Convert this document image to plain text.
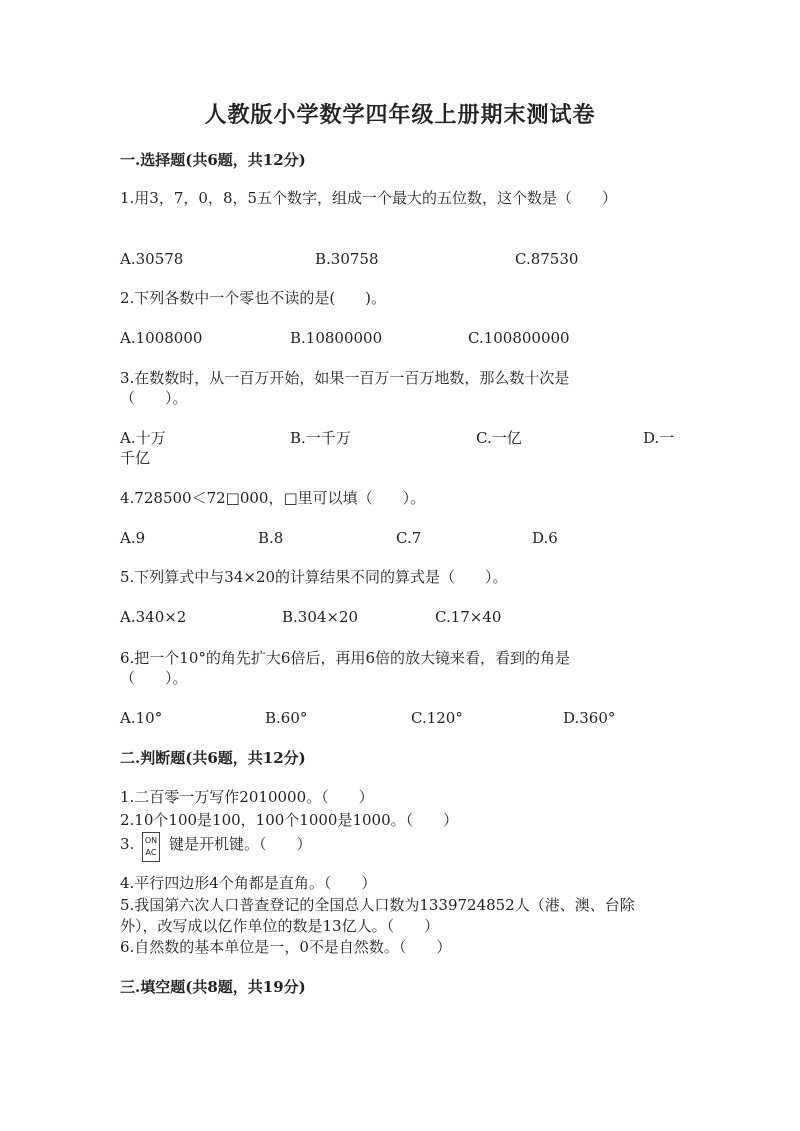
人教版小学数学四年级上册期末测试卷
一.选择题(共6题，共12分)
1.用3，7，0，8，5五个数字，组成一个最大的五位数，这个数是（　　）
A.30578	B.30758	C.87530
2.下列各数中一个零也不读的是(　　)。
A.1008000	B.10800000	C.100800000
3.在数数时，从一百万开始，如果一百万一百万地数，那么数十次是
（　　）。
A.十万	B.一千万	C.一亿	D.一
千亿
4.728500＜72□000，□里可以填（　　）。
A.9	B.8	C.7	D.6
5.下列算式中与34×20的计算结果不同的算式是（　　）。
A.340×2	B.304×20	C.17×40
6.把一个10°的角先扩大6倍后，再用6倍的放大镜来看，看到的角是
（　　）。
A.10°	B.60°	C.120°	D.360°
二.判断题(共6题，共12分)
1.二百零一万写作2010000。（　　）
2.10个100是100，100个1000是1000。（　　）
3. ON
AC 键是开机键。（　　）
4.平行四边形4个角都是直角。（　　）
5.我国第六次人口普查登记的全国总人口数为1339724852人（港、澳、台除
外），改写成以亿作单位的数是13亿人。（　　）
6.自然数的基本单位是一，0不是自然数。（　　）
三.填空题(共8题，共19分)
